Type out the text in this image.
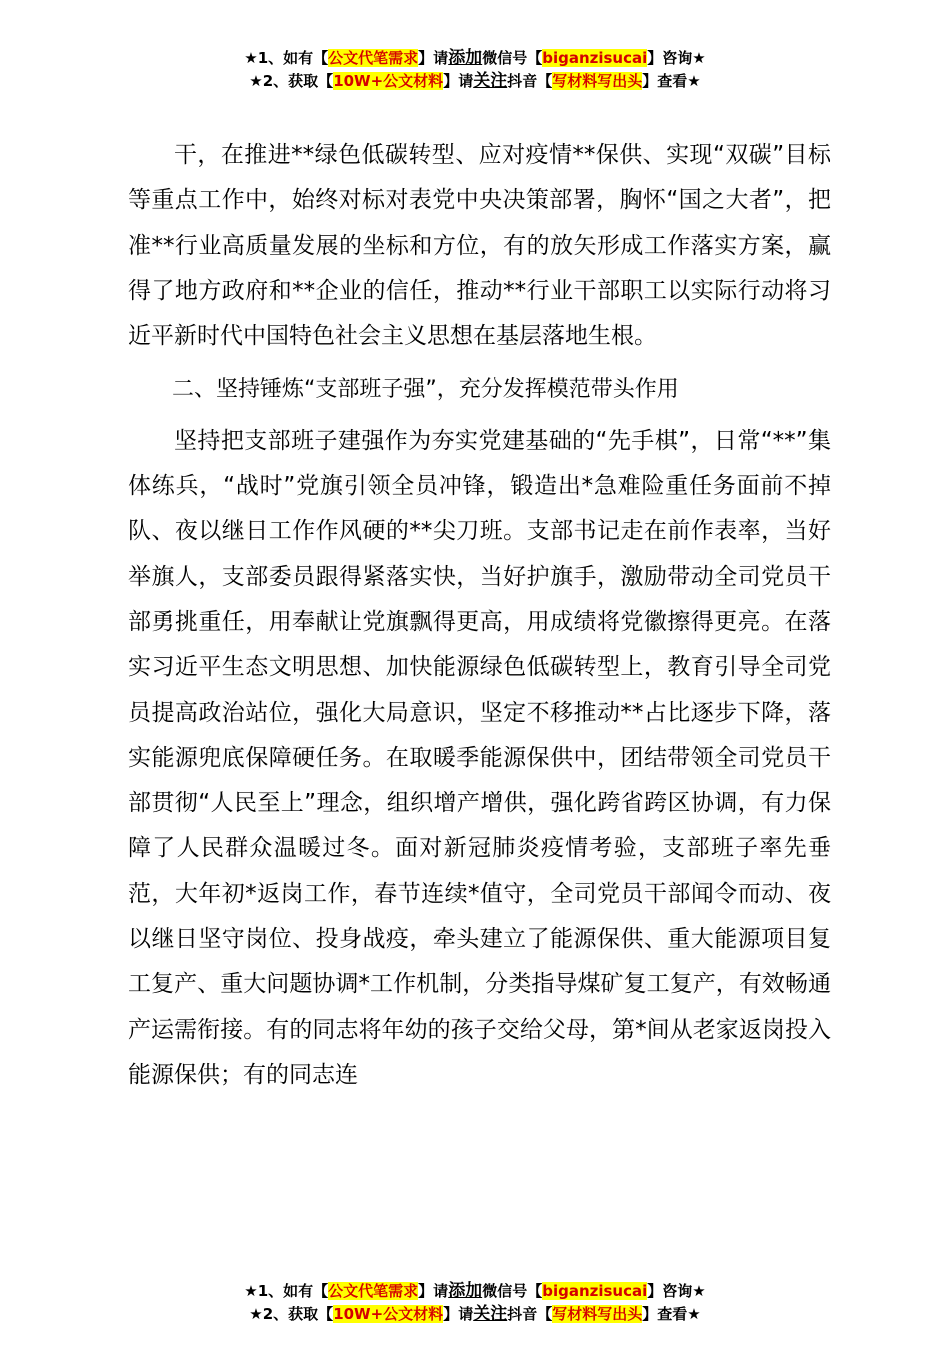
★1、如有【公文代笔需求】请添加微信号【biganzisucai】咨询★
★2、获取【10W+公文材料】请关注抖音【写材料写出头】查看★

干，在推进**绿色低碳转型、应对疫情**保供、实现“双碳”目标等重点工作中，始终对标对表党中央决策部署，胸怀“国之大者”，把准**行业高质量发展的坐标和方位，有的放矢形成工作落实方案，赢得了地方政府和**企业的信任，推动**行业干部职工以实际行动将习近平新时代中国特色社会主义思想在基层落地生根。

二、坚持锤炼“支部班子强”，充分发挥模范带头作用

坚持把支部班子建强作为夯实党建基础的“先手棋”，日常“**”集体练兵，“战时”党旗引领全员冲锋，锻造出*急难险重任务面前不掉队、夜以继日工作作风硬的**尖刀班。支部书记走在前作表率，当好举旗人，支部委员跟得紧落实快，当好护旗手，激励带动全司党员干部勇挑重任，用奉献让党旗飘得更高，用成绩将党徽擦得更亮。在落实习近平生态文明思想、加快能源绿色低碳转型上，教育引导全司党员提高政治站位，强化大局意识，坚定不移推动**占比逐步下降，落实能源兜底保障硬任务。在取暖季能源保供中，团结带领全司党员干部贯彻“人民至上”理念，组织增产增供，强化跨省跨区协调，有力保障了人民群众温暖过冬。面对新冠肺炎疫情考验，支部班子率先垂范，大年初*返岗工作，春节连续*值守，全司党员干部闻令而动、夜以继日坚守岗位、投身战疫，牵头建立了能源保供、重大能源项目复工复产、重大问题协调*工作机制，分类指导煤矿复工复产，有效畅通产运需衔接。有的同志将年幼的孩子交给父母，第*间从老家返岗投入能源保供；有的同志连

★1、如有【公文代笔需求】请添加微信号【biganzisucai】咨询★
★2、获取【10W+公文材料】请关注抖音【写材料写出头】查看★
